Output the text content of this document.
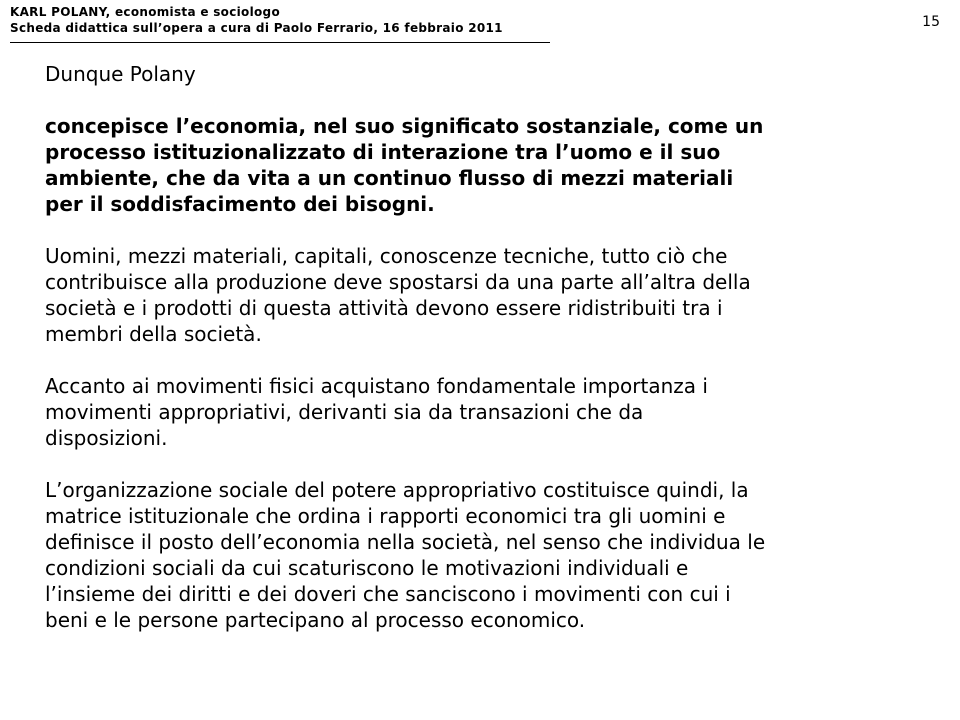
KARL POLANY, economista e sociologo
Scheda didattica sull’opera a cura di Paolo Ferrario, 16 febbraio 2011	15

Dunque Polany

concepisce l’economia, nel suo significato sostanziale, come un
processo istituzionalizzato di interazione tra l’uomo e il suo
ambiente, che da vita a un continuo flusso di mezzi materiali
per il soddisfacimento dei bisogni.

Uomini, mezzi materiali, capitali, conoscenze tecniche, tutto ciò che
contribuisce alla produzione deve spostarsi da una parte all’altra della
società e i prodotti di questa attività devono essere ridistribuiti tra i
membri della società.

Accanto ai movimenti fisici acquistano fondamentale importanza i
movimenti appropriativi, derivanti sia da transazioni che da
disposizioni.

L’organizzazione sociale del potere appropriativo costituisce quindi, la
matrice istituzionale che ordina i rapporti economici tra gli uomini e
definisce il posto dell’economia nella società, nel senso che individua le
condizioni sociali da cui scaturiscono le motivazioni individuali e
l’insieme dei diritti e dei doveri che sanciscono i movimenti con cui i
beni e le persone partecipano al processo economico.
